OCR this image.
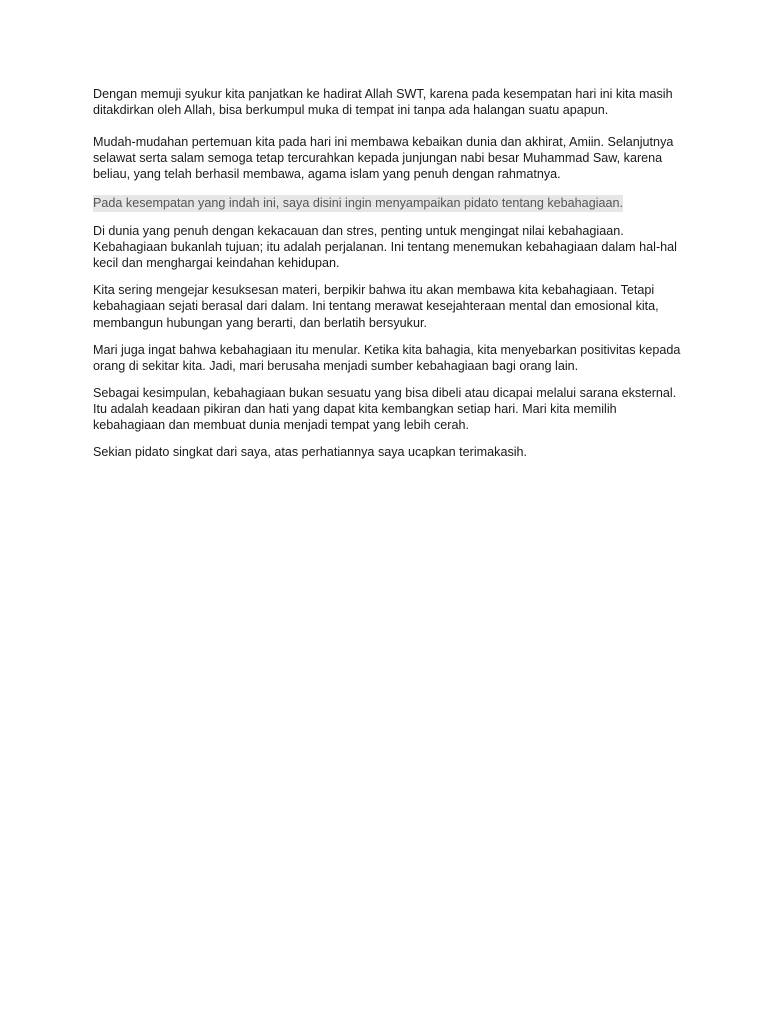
Dengan memuji syukur kita panjatkan ke hadirat Allah SWT, karena pada kesempatan hari ini kita masih ditakdirkan oleh Allah, bisa berkumpul muka di tempat ini tanpa ada halangan suatu apapun.

Mudah-mudahan pertemuan kita pada hari ini membawa kebaikan dunia dan akhirat, Amiin. Selanjutnya selawat serta salam semoga tetap tercurahkan kepada junjungan nabi besar Muhammad Saw, karena beliau, yang telah berhasil membawa, agama islam yang penuh dengan rahmatnya.

Pada kesempatan yang indah ini, saya disini ingin menyampaikan pidato tentang kebahagiaan.

Di dunia yang penuh dengan kekacauan dan stres, penting untuk mengingat nilai kebahagiaan. Kebahagiaan bukanlah tujuan; itu adalah perjalanan. Ini tentang menemukan kebahagiaan dalam hal-hal kecil dan menghargai keindahan kehidupan.

Kita sering mengejar kesuksesan materi, berpikir bahwa itu akan membawa kita kebahagiaan. Tetapi kebahagiaan sejati berasal dari dalam. Ini tentang merawat kesejahteraan mental dan emosional kita, membangun hubungan yang berarti, dan berlatih bersyukur.

Mari juga ingat bahwa kebahagiaan itu menular. Ketika kita bahagia, kita menyebarkan positivitas kepada orang di sekitar kita. Jadi, mari berusaha menjadi sumber kebahagiaan bagi orang lain.

Sebagai kesimpulan, kebahagiaan bukan sesuatu yang bisa dibeli atau dicapai melalui sarana eksternal. Itu adalah keadaan pikiran dan hati yang dapat kita kembangkan setiap hari. Mari kita memilih kebahagiaan dan membuat dunia menjadi tempat yang lebih cerah.

Sekian pidato singkat dari saya, atas perhatiannya saya ucapkan terimakasih.
